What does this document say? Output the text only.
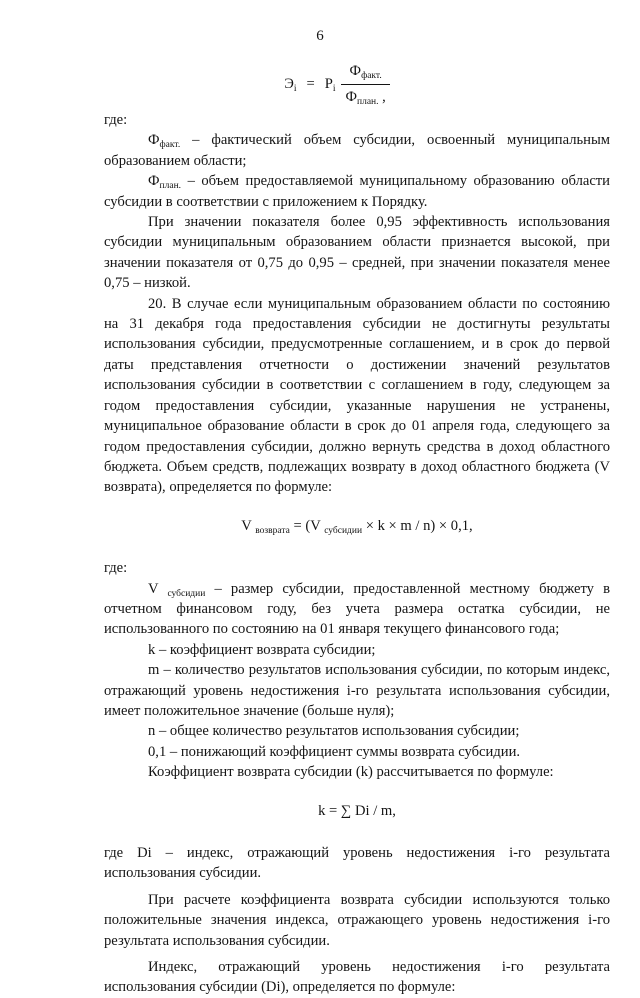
6
$Э_i = P_i \frac{Ф_{факт.}}{Ф_{план.} ,}$

где:

$Ф_{факт.}$ – фактический объем субсидии, освоенный муниципальным образованием области;

$Ф_{план.}$ – объем предоставляемой муниципальному образованию области субсидии в соответствии с приложением к Порядку.

При значении показателя более 0,95 эффективность использования субсидии муниципальным образованием области признается высокой, при значении показателя от 0,75 до 0,95 – средней, при значении показателя менее 0,75 – низкой.

20. В случае если муниципальным образованием области по состоянию на 31 декабря года предоставления субсидии не достигнуты результаты использования субсидии, предусмотренные соглашением, и в срок до первой даты представления отчетности о достижении значений результатов использования субсидии в соответствии с соглашением в году, следующем за годом предоставления субсидии, указанные нарушения не устранены, муниципальное образование области в срок до 01 апреля года, следующего за годом предоставления субсидии, должно вернуть средства в доход областного бюджета. Объем средств, подлежащих возврату в доход областного бюджета (V возврата), определяется по формуле:

V $_{возврата}$ = (V $_{субсидии}$ × k × m / n) × 0,1,

где:

V $_{субсидии}$ – размер субсидии, предоставленной местному бюджету в отчетном финансовом году, без учета размера остатка субсидии, не использованного по состоянию на 01 января текущего финансового года;

k – коэффициент возврата субсидии;

m – количество результатов использования субсидии, по которым индекс, отражающий уровень недостижения i-го результата использования субсидии, имеет положительное значение (больше нуля);

n – общее количество результатов использования субсидии;

0,1 – понижающий коэффициент суммы возврата субсидии.

Коэффициент возврата субсидии (k) рассчитывается по формуле:

k = ∑ Di / m,

где Di – индекс, отражающий уровень недостижения i-го результата использования субсидии.

При расчете коэффициента возврата субсидии используются только положительные значения индекса, отражающего уровень недостижения i-го результата использования субсидии.

Индекс, отражающий уровень недостижения i-го результата использования субсидии (Di), определяется по формуле:
